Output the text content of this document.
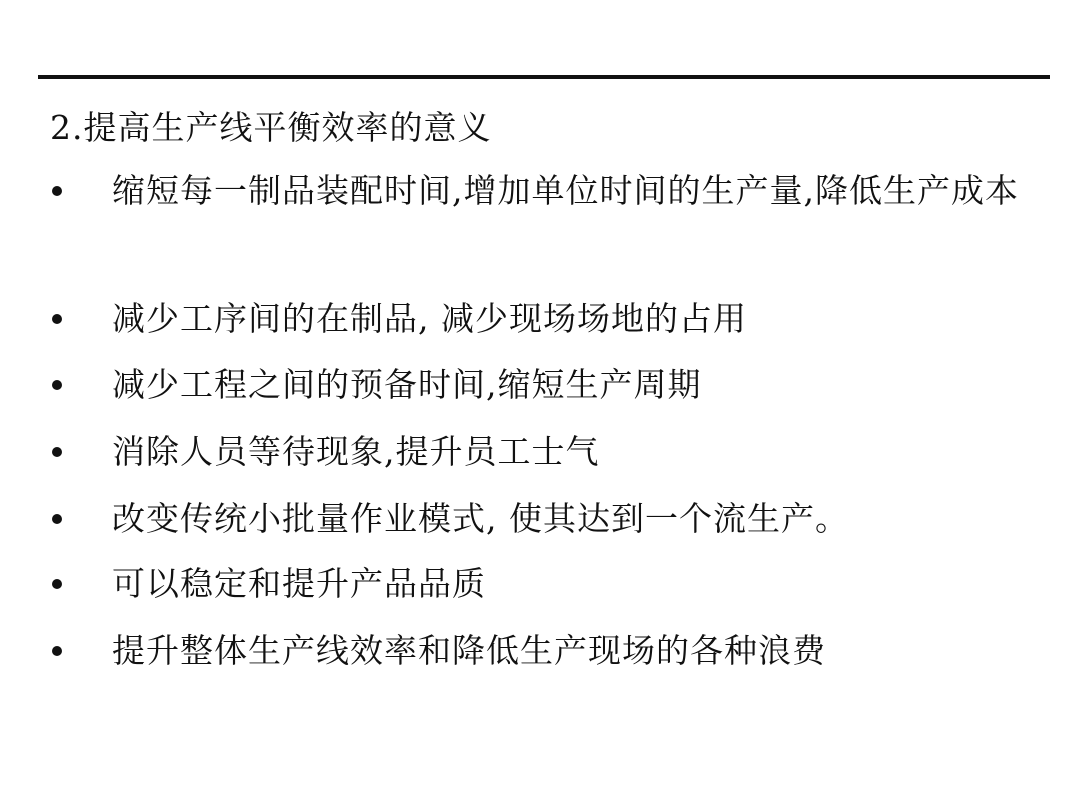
2.提高生产线平衡效率的意义
缩短每一制品装配时间,增加单位时间的生产量,降低生产成本
减少工序间的在制品, 减少现场场地的占用
减少工程之间的预备时间,缩短生产周期
消除人员等待现象,提升员工士气
改变传统小批量作业模式, 使其达到一个流生产。
可以稳定和提升产品品质
提升整体生产线效率和降低生产现场的各种浪费
